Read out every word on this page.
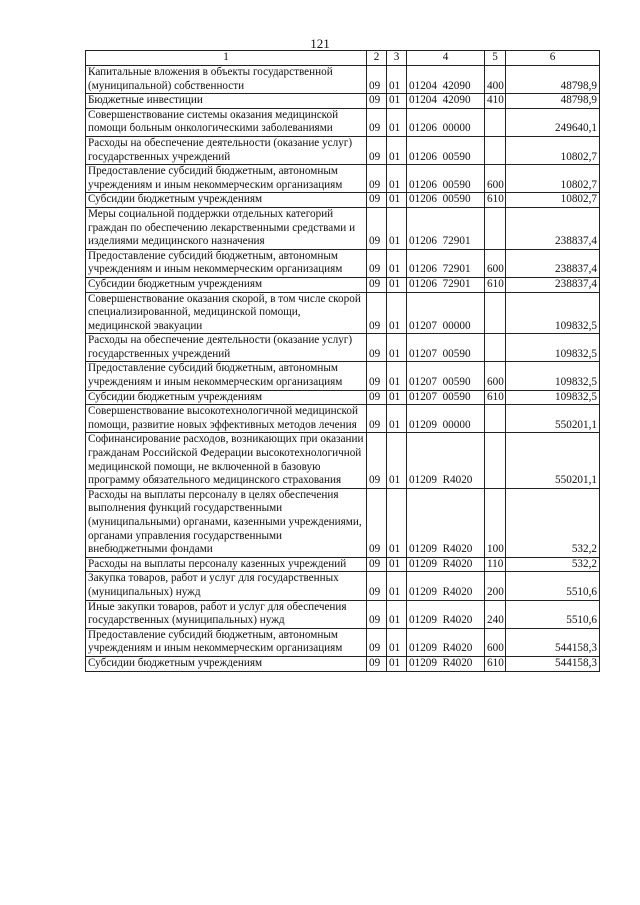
121
1	2	3	4	5	6
Капитальные вложения в объекты государственной (муниципальной) собственности	09	01	01204  42090	400	48798,9
Бюджетные инвестиции	09	01	01204  42090	410	48798,9
Совершенствование системы оказания медицинской помощи больным онкологическими заболеваниями	09	01	01206  00000		249640,1
Расходы на обеспечение деятельности (оказание услуг) государственных учреждений	09	01	01206  00590		10802,7
Предоставление субсидий бюджетным, автономным учреждениям и иным некоммерческим организациям	09	01	01206  00590	600	10802,7
Субсидии бюджетным учреждениям	09	01	01206  00590	610	10802,7
Меры социальной поддержки отдельных категорий граждан по обеспечению лекарственными средствами и изделиями медицинского назначения	09	01	01206  72901		238837,4
Предоставление субсидий бюджетным, автономным учреждениям и иным некоммерческим организациям	09	01	01206  72901	600	238837,4
Субсидии бюджетным учреждениям	09	01	01206  72901	610	238837,4
Совершенствование оказания скорой, в том числе скорой специализированной, медицинской помощи, медицинской эвакуации	09	01	01207  00000		109832,5
Расходы на обеспечение деятельности (оказание услуг) государственных учреждений	09	01	01207  00590		109832,5
Предоставление субсидий бюджетным, автономным учреждениям и иным некоммерческим организациям	09	01	01207  00590	600	109832,5
Субсидии бюджетным учреждениям	09	01	01207  00590	610	109832,5
Совершенствование высокотехнологичной медицинской помощи, развитие новых эффективных методов лечения	09	01	01209  00000		550201,1
Софинансирование расходов, возникающих при оказании гражданам Российской Федерации высокотехнологичной медицинской помощи, не включенной в базовую программу обязательного медицинского страхования	09	01	01209  R4020		550201,1
Расходы на выплаты персоналу в целях обеспечения выполнения функций государственными (муниципальными) органами, казенными учреждениями, органами управления государственными внебюджетными фондами	09	01	01209  R4020	100	532,2
Расходы на выплаты персоналу казенных учреждений	09	01	01209  R4020	110	532,2
Закупка товаров, работ и услуг для государственных (муниципальных) нужд	09	01	01209  R4020	200	5510,6
Иные закупки товаров, работ и услуг для обеспечения государственных (муниципальных) нужд	09	01	01209  R4020	240	5510,6
Предоставление субсидий бюджетным, автономным учреждениям и иным некоммерческим организациям	09	01	01209  R4020	600	544158,3
Субсидии бюджетным учреждениям	09	01	01209  R4020	610	544158,3
